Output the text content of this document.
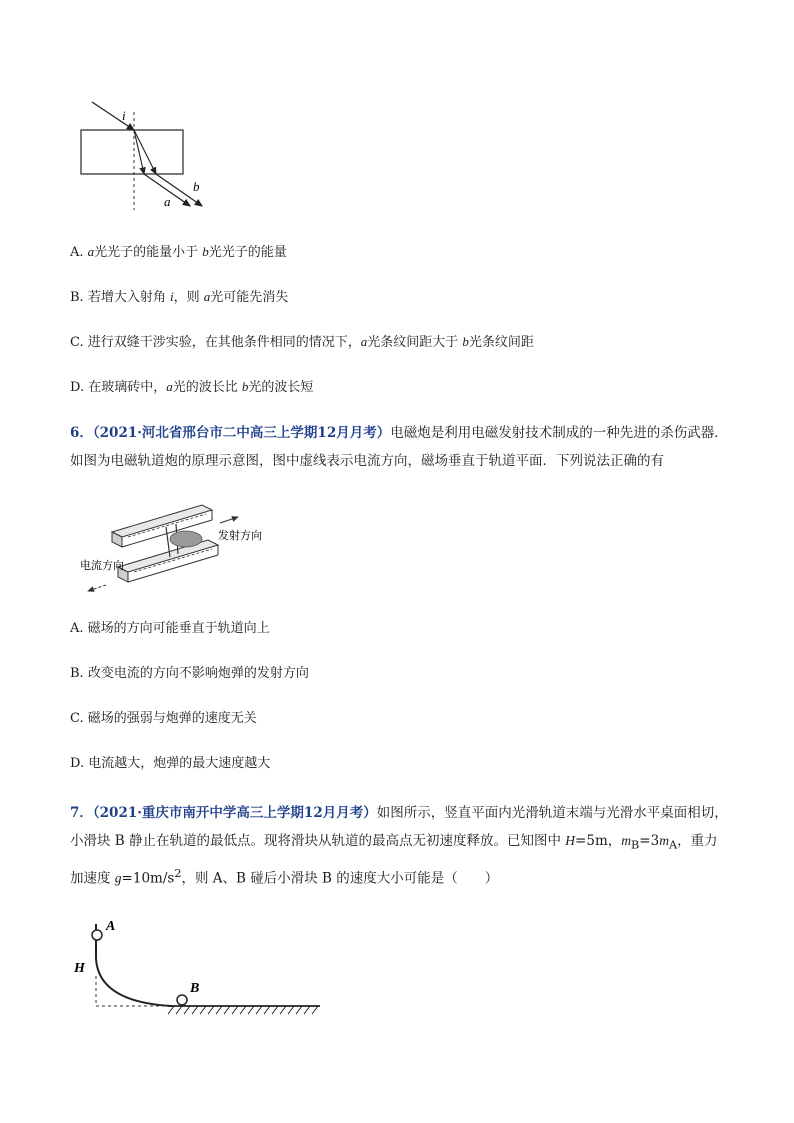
i
a
b
A. a光光子的能量小于 b光光子的能量
B. 若增大入射角 i，则 a光可能先消失
C. 进行双缝干涉实验，在其他条件相同的情况下，a光条纹间距大于 b光条纹间距
D. 在玻璃砖中，a光的波长比 b光的波长短
6．（2021·河北省邢台市二中高三上学期12月月考）电磁炮是利用电磁发射技术制成的一种先进的杀伤武器．如图为电磁轨道炮的原理示意图，图中虚线表示电流方向，磁场垂直于轨道平面．下列说法正确的有
发射方向
电流方向
A. 磁场的方向可能垂直于轨道向上
B. 改变电流的方向不影响炮弹的发射方向
C. 磁场的强弱与炮弹的速度无关
D. 电流越大，炮弹的最大速度越大
7．（2021·重庆市南开中学高三上学期12月月考）如图所示，竖直平面内光滑轨道末端与光滑水平桌面相切，小滑块 B 静止在轨道的最低点。现将滑块从轨道的最高点无初速度释放。已知图中 H=5m，$m_B=3m_A$，重力加速度 $g=10m/s^2$，则 A、B 碰后小滑块 B 的速度大小可能是（　　）
A
H
B
